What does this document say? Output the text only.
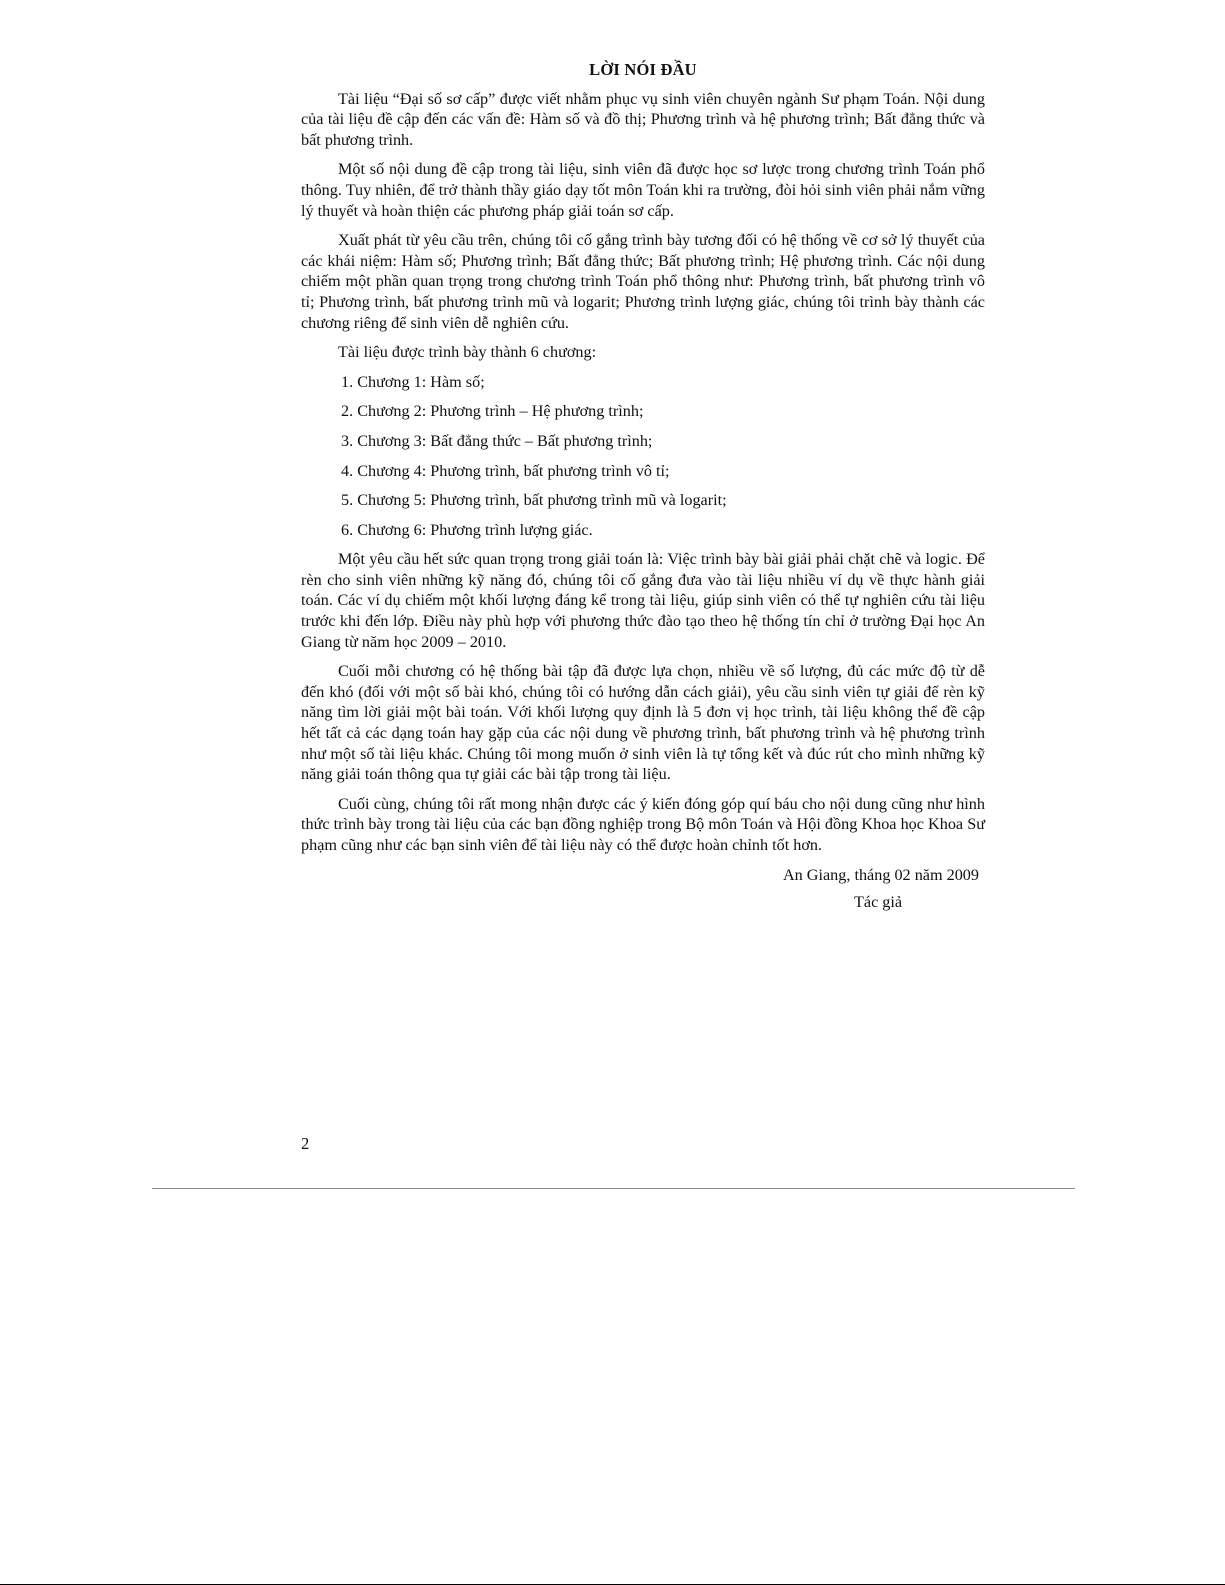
LỜI NÓI ĐẦU

Tài liệu “Đại số sơ cấp” được viết nhằm phục vụ sinh viên chuyên ngành Sư phạm Toán. Nội dung của tài liệu đề cập đến các vấn đề: Hàm số và đồ thị; Phương trình và hệ phương trình; Bất đẳng thức và bất phương trình.

Một số nội dung đề cập trong tài liệu, sinh viên đã được học sơ lược trong chương trình Toán phổ thông. Tuy nhiên, để trở thành thầy giáo dạy tốt môn Toán khi ra trường, đòi hỏi sinh viên phải nắm vững lý thuyết và hoàn thiện các phương pháp giải toán sơ cấp.

Xuất phát từ yêu cầu trên, chúng tôi cố gắng trình bày tương đối có hệ thống về cơ sở lý thuyết của các khái niệm: Hàm số; Phương trình; Bất đẳng thức; Bất phương trình; Hệ phương trình. Các nội dung chiếm một phần quan trọng trong chương trình Toán phổ thông như: Phương trình, bất phương trình vô tỉ; Phương trình, bất phương trình mũ và logarit; Phương trình lượng giác, chúng tôi trình bày thành các chương riêng để sinh viên dễ nghiên cứu.

Tài liệu được trình bày thành 6 chương:

1. Chương 1: Hàm số;
2. Chương 2: Phương trình – Hệ phương trình;
3. Chương 3: Bất đẳng thức – Bất phương trình;
4. Chương 4: Phương trình, bất phương trình vô tỉ;
5. Chương 5: Phương trình, bất phương trình mũ và logarit;
6. Chương 6: Phương trình lượng giác.

Một yêu cầu hết sức quan trọng trong giải toán là: Việc trình bày bài giải phải chặt chẽ và logic. Để rèn cho sinh viên những kỹ năng đó, chúng tôi cố gắng đưa vào tài liệu nhiều ví dụ về thực hành giải toán. Các ví dụ chiếm một khối lượng đáng kể trong tài liệu, giúp sinh viên có thể tự nghiên cứu tài liệu trước khi đến lớp. Điều này phù hợp với phương thức đào tạo theo hệ thống tín chỉ ở trường Đại học An Giang từ năm học 2009 – 2010.

Cuối mỗi chương có hệ thống bài tập đã được lựa chọn, nhiều về số lượng, đủ các mức độ từ dễ đến khó (đối với một số bài khó, chúng tôi có hướng dẫn cách giải), yêu cầu sinh viên tự giải để rèn kỹ năng tìm lời giải một bài toán. Với khối lượng quy định là 5 đơn vị học trình, tài liệu không thể đề cập hết tất cả các dạng toán hay gặp của các nội dung về phương trình, bất phương trình và hệ phương trình như một số tài liệu khác. Chúng tôi mong muốn ở sinh viên là tự tổng kết và đúc rút cho mình những kỹ năng giải toán thông qua tự giải các bài tập trong tài liệu.

Cuối cùng, chúng tôi rất mong nhận được các ý kiến đóng góp quí báu cho nội dung cũng như hình thức trình bày trong tài liệu của các bạn đồng nghiệp trong Bộ môn Toán và Hội đồng Khoa học Khoa Sư phạm cũng như các bạn sinh viên để tài liệu này có thể được hoàn chỉnh tốt hơn.

An Giang, tháng 02 năm 2009
Tác giả
2
